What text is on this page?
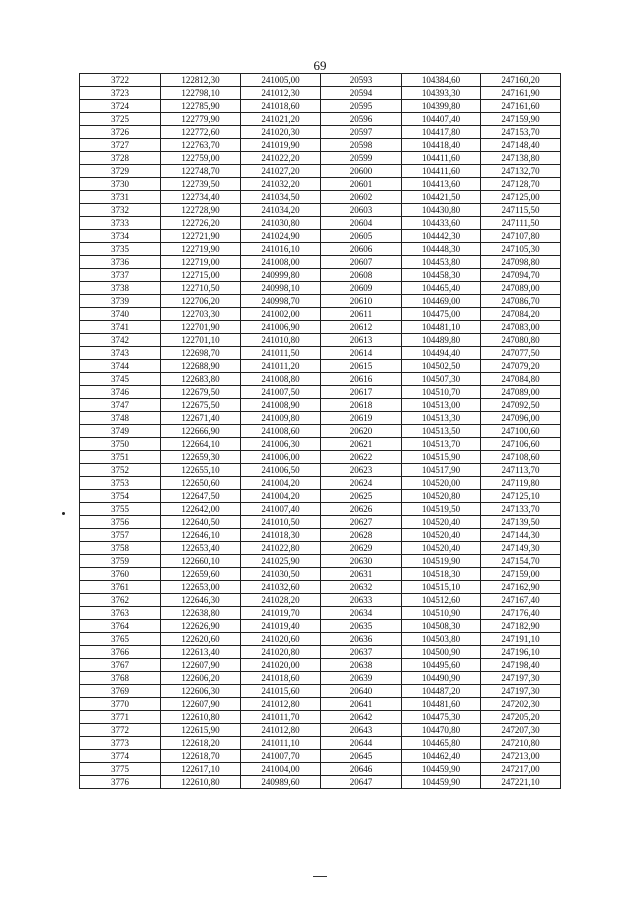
69
3722	122812,30	241005,00	20593	104384,60	247160,20
3723	122798,10	241012,30	20594	104393,30	247161,90
3724	122785,90	241018,60	20595	104399,80	247161,60
3725	122779,90	241021,20	20596	104407,40	247159,90
3726	122772,60	241020,30	20597	104417,80	247153,70
3727	122763,70	241019,90	20598	104418,40	247148,40
3728	122759,00	241022,20	20599	104411,60	247138,80
3729	122748,70	241027,20	20600	104411,60	247132,70
3730	122739,50	241032,20	20601	104413,60	247128,70
3731	122734,40	241034,50	20602	104421,50	247125,00
3732	122728,90	241034,20	20603	104430,80	247115,50
3733	122726,20	241030,80	20604	104433,60	247111,50
3734	122721,90	241024,90	20605	104442,30	247107,80
3735	122719,90	241016,10	20606	104448,30	247105,30
3736	122719,00	241008,00	20607	104453,80	247098,80
3737	122715,00	240999,80	20608	104458,30	247094,70
3738	122710,50	240998,10	20609	104465,40	247089,00
3739	122706,20	240998,70	20610	104469,00	247086,70
3740	122703,30	241002,00	20611	104475,00	247084,20
3741	122701,90	241006,90	20612	104481,10	247083,00
3742	122701,10	241010,80	20613	104489,80	247080,80
3743	122698,70	241011,50	20614	104494,40	247077,50
3744	122688,90	241011,20	20615	104502,50	247079,20
3745	122683,80	241008,80	20616	104507,30	247084,80
3746	122679,50	241007,50	20617	104510,70	247089,00
3747	122675,50	241008,90	20618	104513,00	247092,50
3748	122671,40	241009,80	20619	104513,30	247096,00
3749	122666,90	241008,60	20620	104513,50	247100,60
3750	122664,10	241006,30	20621	104513,70	247106,60
3751	122659,30	241006,00	20622	104515,90	247108,60
3752	122655,10	241006,50	20623	104517,90	247113,70
3753	122650,60	241004,20	20624	104520,00	247119,80
3754	122647,50	241004,20	20625	104520,80	247125,10
3755	122642,00	241007,40	20626	104519,50	247133,70
3756	122640,50	241010,50	20627	104520,40	247139,50
3757	122646,10	241018,30	20628	104520,40	247144,30
3758	122653,40	241022,80	20629	104520,40	247149,30
3759	122660,10	241025,90	20630	104519,90	247154,70
3760	122659,60	241030,50	20631	104518,30	247159,00
3761	122653,00	241032,60	20632	104515,10	247162,90
3762	122646,30	241028,20	20633	104512,60	247167,40
3763	122638,80	241019,70	20634	104510,90	247176,40
3764	122626,90	241019,40	20635	104508,30	247182,90
3765	122620,60	241020,60	20636	104503,80	247191,10
3766	122613,40	241020,80	20637	104500,90	247196,10
3767	122607,90	241020,00	20638	104495,60	247198,40
3768	122606,20	241018,60	20639	104490,90	247197,30
3769	122606,30	241015,60	20640	104487,20	247197,30
3770	122607,90	241012,80	20641	104481,60	247202,30
3771	122610,80	241011,70	20642	104475,30	247205,20
3772	122615,90	241012,80	20643	104470,80	247207,30
3773	122618,20	241011,10	20644	104465,80	247210,80
3774	122618,70	241007,70	20645	104462,40	247213,00
3775	122617,10	241004,00	20646	104459,90	247217,00
3776	122610,80	240989,60	20647	104459,90	247221,10
